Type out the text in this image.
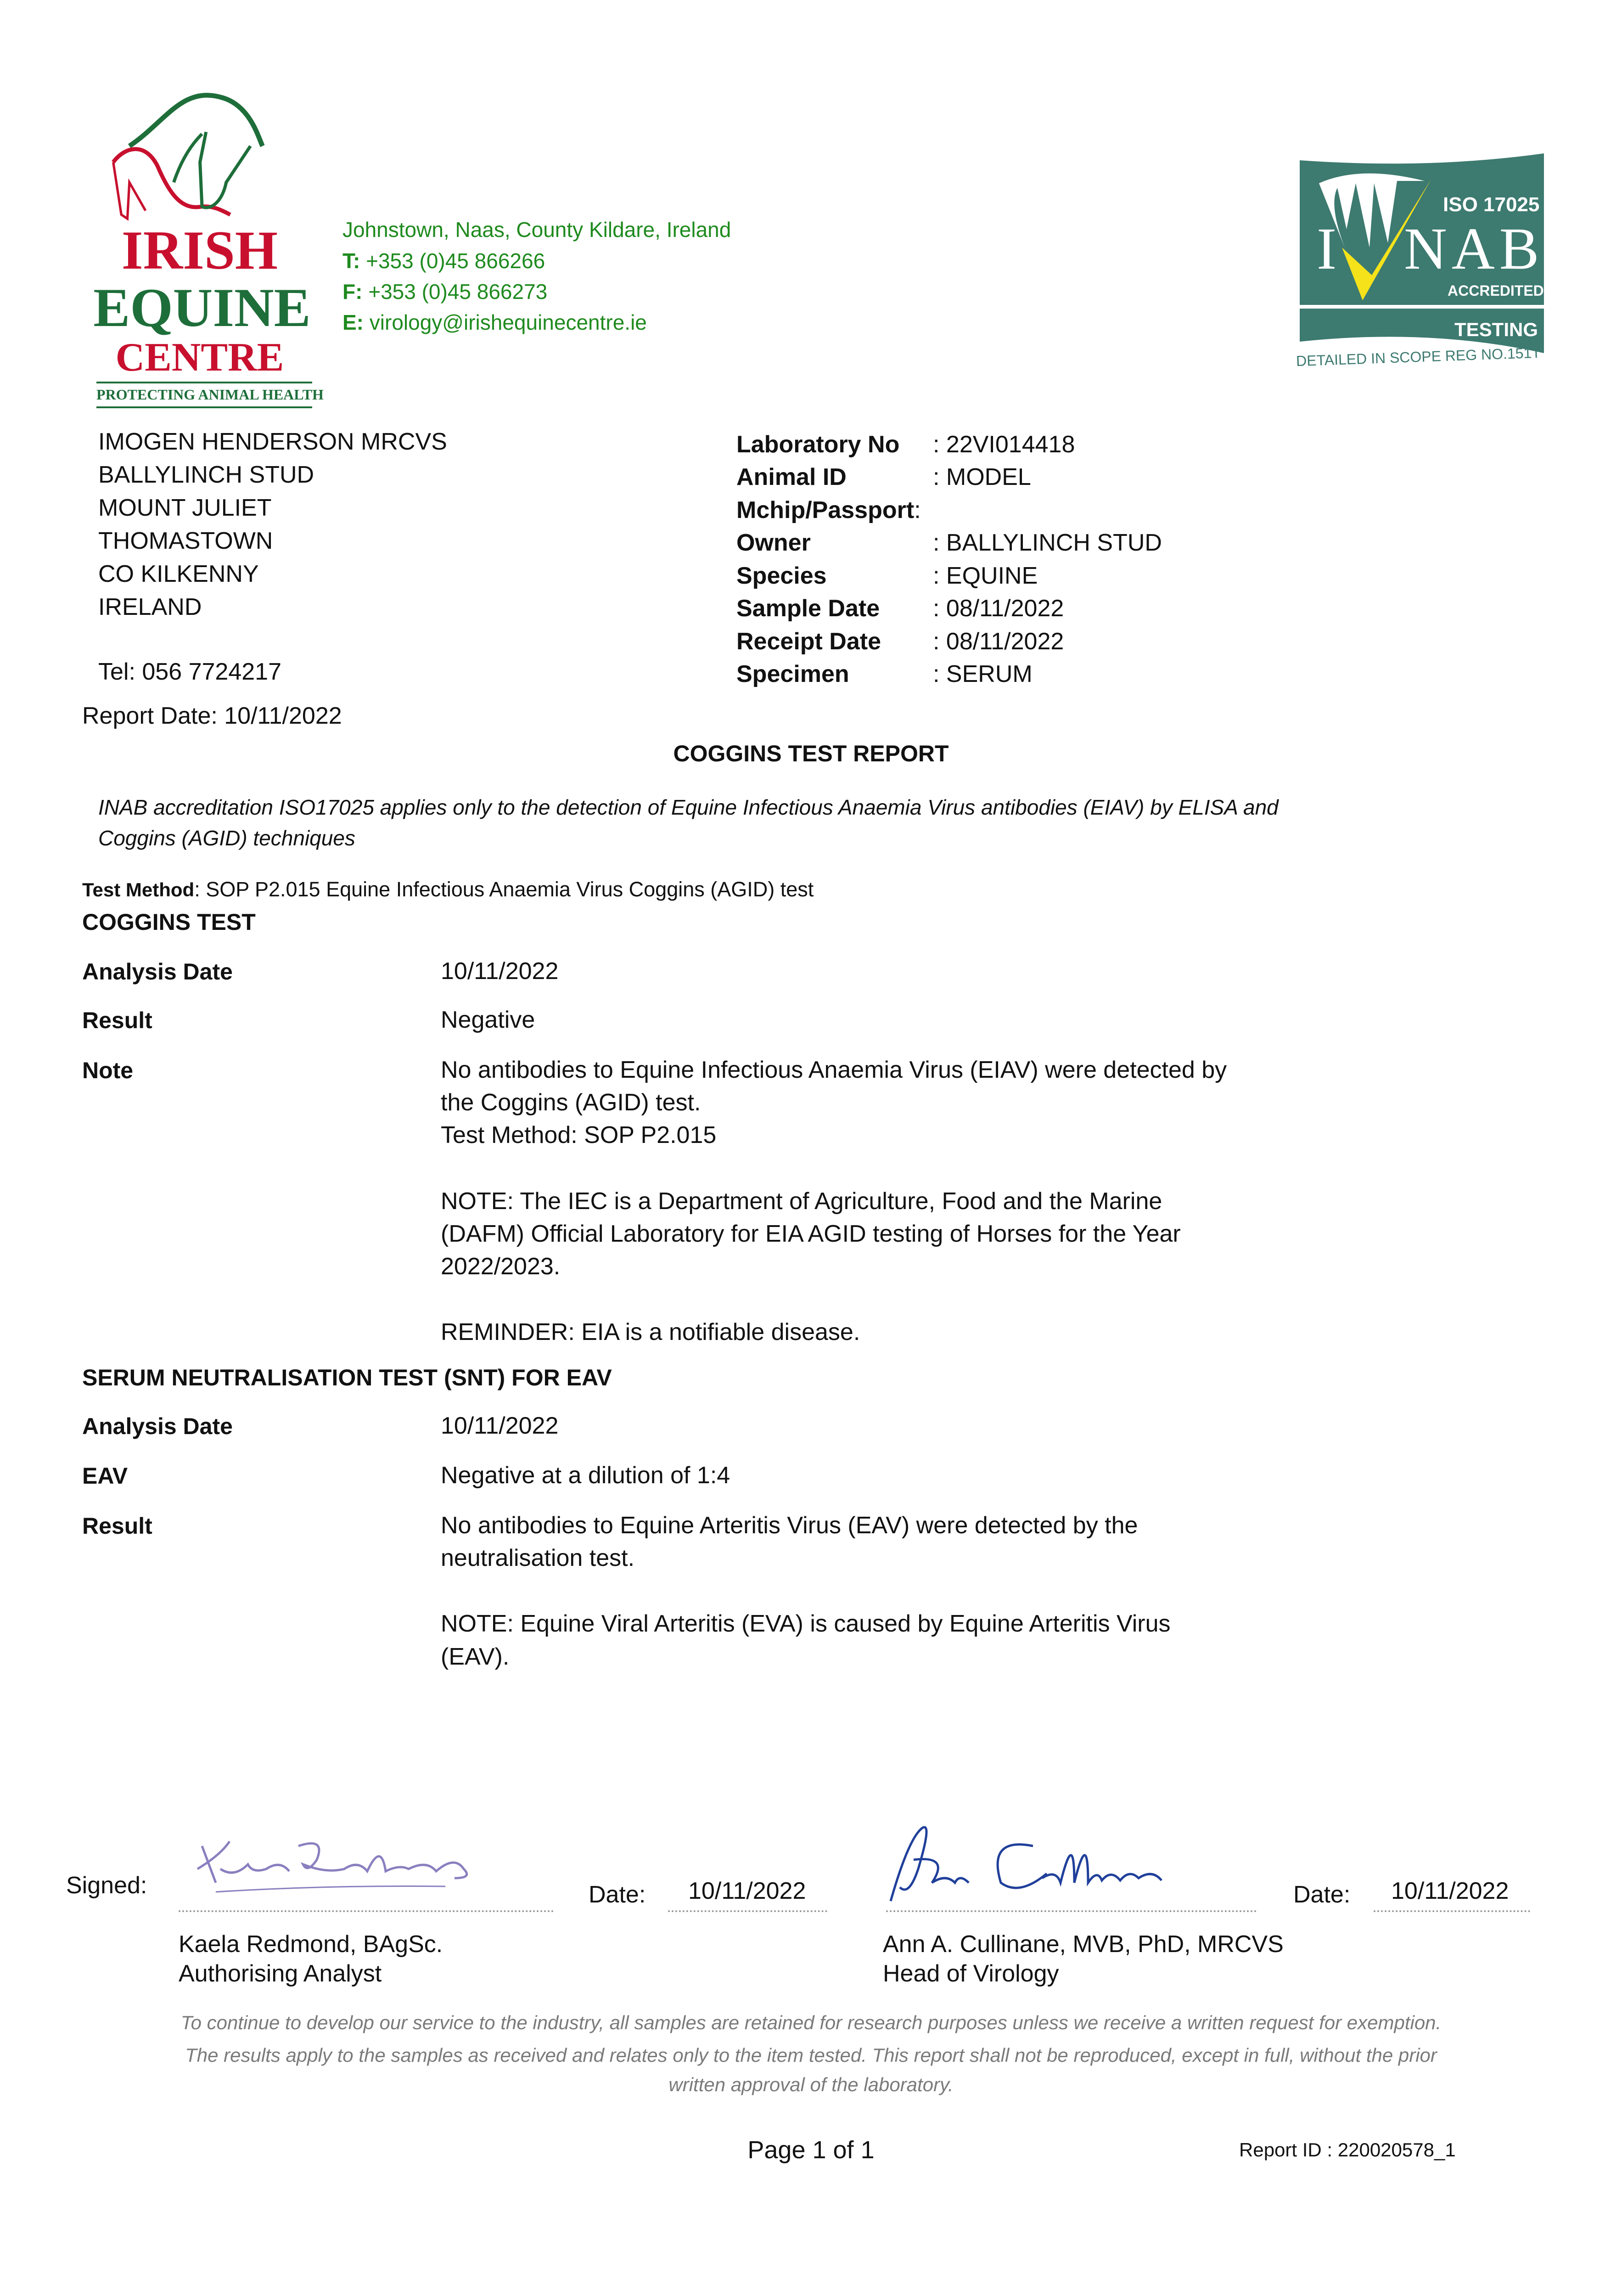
IRISH
EQUINE
CENTRE
PROTECTING ANIMAL HEALTH
Johnstown, Naas, County Kildare, Ireland
T: +353 (0)45 866266
F: +353 (0)45 866273
E: virology@irishequinecentre.ie
ISO 17025
I NAB
ACCREDITED
TESTING
DETAILED IN SCOPE REG NO.151T
IMOGEN HENDERSON MRCVS
BALLYLINCH STUD
MOUNT JULIET
THOMASTOWN
CO KILKENNY
IRELAND
Tel: 056 7724217
Report Date: 10/11/2022
Laboratory No : 22VI014418
Animal ID	: MODEL
Mchip/Passport:
Owner	: BALLYLINCH STUD
Species	: EQUINE
Sample Date : 08/11/2022
Receipt Date : 08/11/2022
Specimen	: SERUM
COGGINS TEST REPORT
INAB accreditation ISO17025 applies only to the detection of Equine Infectious Anaemia Virus antibodies (EIAV) by ELISA and
Coggins (AGID) techniques
Test Method: SOP P2.015 Equine Infectious Anaemia Virus Coggins (AGID) test
COGGINS TEST
Analysis Date	10/11/2022
Result	Negative
Note	No antibodies to Equine Infectious Anaemia Virus (EIAV) were detected by
the Coggins (AGID) test.
Test Method: SOP P2.015
NOTE: The IEC is a Department of Agriculture, Food and the Marine
(DAFM) Official Laboratory for EIA AGID testing of Horses for the Year
2022/2023.
REMINDER: EIA is a notifiable disease.
SERUM NEUTRALISATION TEST (SNT) FOR EAV
Analysis Date	10/11/2022
EAV	Negative at a dilution of 1:4
Result	No antibodies to Equine Arteritis Virus (EAV) were detected by the
neutralisation test.
NOTE: Equine Viral Arteritis (EVA) is caused by Equine Arteritis Virus
(EAV).
Signed:	Date: 10/11/2022
Kaela Redmond, BAgSc.
Authorising Analyst
Date: 10/11/2022
Ann A. Cullinane, MVB, PhD, MRCVS
Head of Virology
To continue to develop our service to the industry, all samples are retained for research purposes unless we receive a written request for exemption.
The results apply to the samples as received and relates only to the item tested. This report shall not be reproduced, except in full, without the prior
written approval of the laboratory.
Page 1 of 1	Report ID : 220020578_1
